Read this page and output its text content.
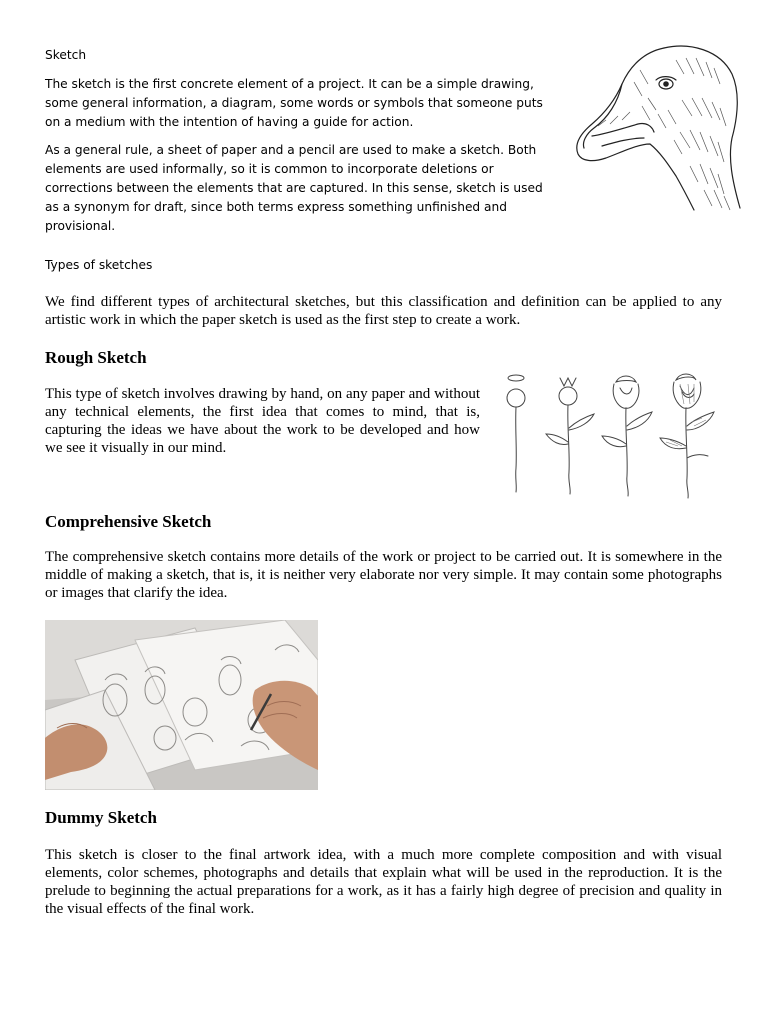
Sketch

The sketch is the first concrete element of a project. It can be a simple drawing, some general information, a diagram, some words or symbols that someone puts on a medium with the intention of having a guide for action.

As a general rule, a sheet of paper and a pencil are used to make a sketch. Both elements are used informally, so it is common to incorporate deletions or corrections between the elements that are captured. In this sense, sketch is used as a synonym for draft, since both terms express something unfinished and provisional.

Types of sketches

We find different types of architectural sketches, but this classification and definition can be applied to any artistic work in which the paper sketch is used as the first step to create a work.

Rough Sketch

This type of sketch involves drawing by hand, on any paper and without any technical elements, the first idea that comes to mind, that is, capturing the ideas we have about the work to be developed and how we see it visually in our mind.

Comprehensive Sketch

The comprehensive sketch contains more details of the work or project to be carried out. It is somewhere in the middle of making a sketch, that is, it is neither very elaborate nor very simple. It may contain some photographs or images that clarify the idea.

Dummy Sketch

This sketch is closer to the final artwork idea, with a much more complete composition and with visual elements, color schemes, photographs and details that explain what will be used in the reproduction. It is the prelude to beginning the actual preparations for a work, as it has a fairly high degree of precision and quality in the visual effects of the final work.
